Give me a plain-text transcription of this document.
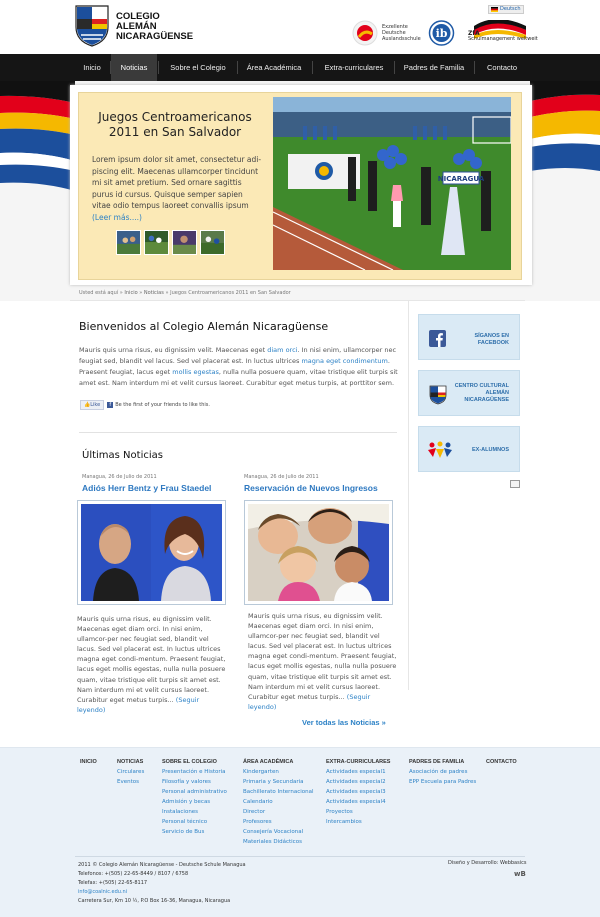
COLEGIO
ALEMÁN
NICARAGÜENSE
Deutsch
Exzellente
Deutsche
Auslandsschule ib	ZfA
Schulmanagement weltweit
Inicio	Noticias	Sobre el Colegio	Área Académica	Extra-curriculares	Padres de Familia	Contacto
Juegos Centroamericanos 2011 en San Salvador
Lorem ipsum dolor sit amet, consectetur adi-piscing elit. Maecenas ullamcorper tincidunt mi sit amet pretium. Sed ornare sagittis purus id cursus. Quisque semper sapien vitae odio tempus laoreet convallis ipsum (Leer más....)
NICARAGUA
Usted está aquí » Inicio » Noticias » Juegos Centroamericanos 2011 en San Salvador
Bienvenidos al Colegio Alemán Nicaragüense
Mauris quis urna risus, eu dignissim velit. Maecenas eget diam orci. In nisi enim, ullamcorper nec feugiat sed, blandit vel lacus. Sed vel placerat est. In luctus ultrices magna eget condimentum. Praesent feugiat, lacus eget mollis egestas, nulla nulla posuere quam, vitae tristique elit turpis sit amet est. Nam interdum mi et velit cursus laoreet. Curabitur eget metus turpis, at porttitor sem.
👍Like f Be the first of your friends to like this.
SÍGANOS EN
FACEBOOK
CENTRO CULTURAL
ALEMÁN
NICARAGÜENSE
EX-ALUMNOS
Últimas Noticias
Managua, 26 de Julio de 2011
Adiós Herr Bentz y Frau Staedel
Mauris quis urna risus, eu dignissim velit. Maecenas eget diam orci. In nisi enim, ullamcor-per nec feugiat sed, blandit vel lacus. Sed vel placerat est. In luctus ultrices magna eget condi-mentum. Praesent feugiat, lacus eget mollis egestas, nulla nulla posuere quam, vitae tristique elit turpis sit amet est. Nam interdum mi et velit cursus laoreet. Curabitur eget metus turpis... (Seguir leyendo)
Managua, 26 de Julio de 2011
Reservación de Nuevos Ingresos
Mauris quis urna risus, eu dignissim velit. Maecenas eget diam orci. In nisi enim, ullamcor-per nec feugiat sed, blandit vel lacus. Sed vel placerat est. In luctus ultrices magna eget condi-mentum. Praesent feugiat, lacus eget mollis egestas, nulla nulla posuere quam, vitae tristique elit turpis sit amet est. Nam interdum mi et velit cursus laoreet. Curabitur eget metus turpis... (Seguir leyendo)
Ver todas las Noticias »
INICIO	NOTICIAS
Circulares
Eventos
SOBRE EL COLEGIO
Presentación e Historia
Filosofía y valores
Personal administrativo
Admisión y becas
Instalaciones
Personal técnico
Servicio de Bus
ÁREA ACADÉMICA
Kindergarten
Primaria y Secundaria
Bachillerato Internacional
Calendario
Director
Profesores
Consejería Vocacional
Materiales Didácticos
EXTRA-CURRICULARES
Actividades especial1
Actividades especial2
Actividades especial3
Actividades especial4
Proyectos
Intercambios
PADRES DE FAMILIA
Asociación de padres
EPP Escuela para Padres
CONTACTO
2011 © Colegio Alemán Nicaragüense - Deutsche Schule Managua
Telefonos: +(505) 22-65-8449 / 8107 / 6758
Telefax: +(505) 22-65-8117
info@coalnic.edu.ni
Carretera Sur, Km 10 ½, P.O Box 16-36, Managua, Nicaragua
Diseño y Desarrollo: Webbasics
wB
